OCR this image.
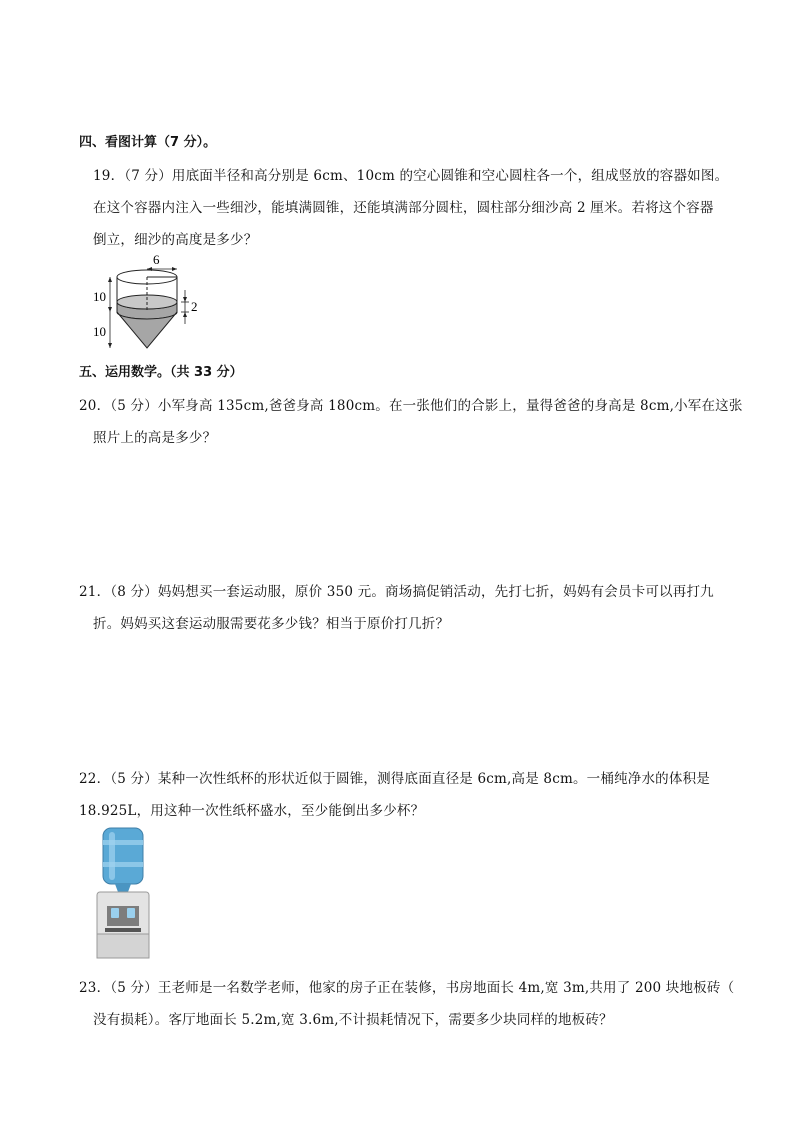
四、看图计算（7 分）。
19．（7 分）用底面半径和高分别是 6cm、10cm 的空心圆锥和空心圆柱各一个，组成竖放的容器如图。
在这个容器内注入一些细沙，能填满圆锥，还能填满部分圆柱，圆柱部分细沙高 2 厘米。若将这个容器
倒立，细沙的高度是多少？
6
10
10
2
五、运用数学。（共 33 分）
20．（5 分）小军身高 135cm,爸爸身高 180cm。在一张他们的合影上，量得爸爸的身高是 8cm,小军在这张
照片上的高是多少？
21．（8 分）妈妈想买一套运动服，原价 350 元。商场搞促销活动，先打七折，妈妈有会员卡可以再打九
折。妈妈买这套运动服需要花多少钱？相当于原价打几折？
22．（5 分）某种一次性纸杯的形状近似于圆锥，测得底面直径是 6cm,高是 8cm。一桶纯净水的体积是
18.925L，用这种一次性纸杯盛水，至少能倒出多少杯？
23．（5 分）王老师是一名数学老师，他家的房子正在装修，书房地面长 4m,宽 3m,共用了 200 块地板砖（
没有损耗）。客厅地面长 5.2m,宽 3.6m,不计损耗情况下，需要多少块同样的地板砖？
